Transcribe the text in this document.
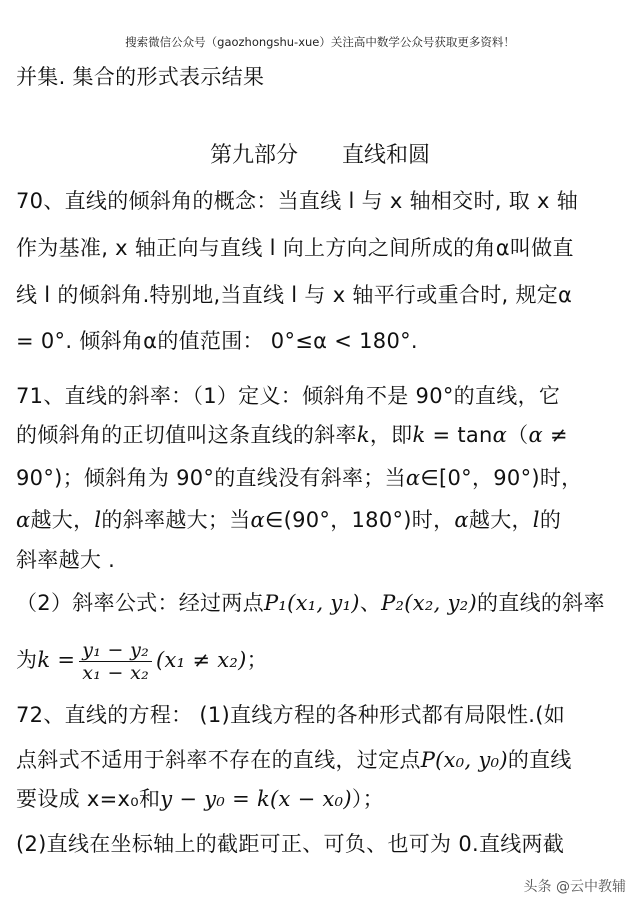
搜索微信公众号（gaozhongshu-xue）关注高中数学公众号获取更多资料！
并集. 集合的形式表示结果
第九部分 直线和圆
70、直线的倾斜角的概念：当直线 l 与 x 轴相交时, 取 x 轴
作为基准, x 轴正向与直线 l 向上方向之间所成的角α叫做直
线 l 的倾斜角.特别地,当直线 l 与 x 轴平行或重合时, 规定α
= 0°. 倾斜角α的值范围： 0°≤α < 180°.
71、直线的斜率：（1）定义：倾斜角不是 90°的直线，它
的倾斜角的正切值叫这条直线的斜率k，即k = tanα（α ≠
90°)；倾斜角为 90°的直线没有斜率；当α∈[0°，90°)时，
α越大，l的斜率越大；当α∈(90°，180°)时，α越大，l的
斜率越大 .
（2）斜率公式：经过两点P₁(x₁, y₁)、P₂(x₂, y₂)的直线的斜率
为$k = \frac{\text{y₁ − y₂}}{\text{x₁ − x₂}} (x_1 \ne x_2)$；
72、直线的方程： (1)直线方程的各种形式都有局限性.(如
点斜式不适用于斜率不存在的直线，过定点P(x₀, y₀)的直线
要设成 x=x₀和y − y₀ = k(x − x₀)）；
(2)直线在坐标轴上的截距可正、可负、也可为 0.直线两截
头条 @云中教辅
